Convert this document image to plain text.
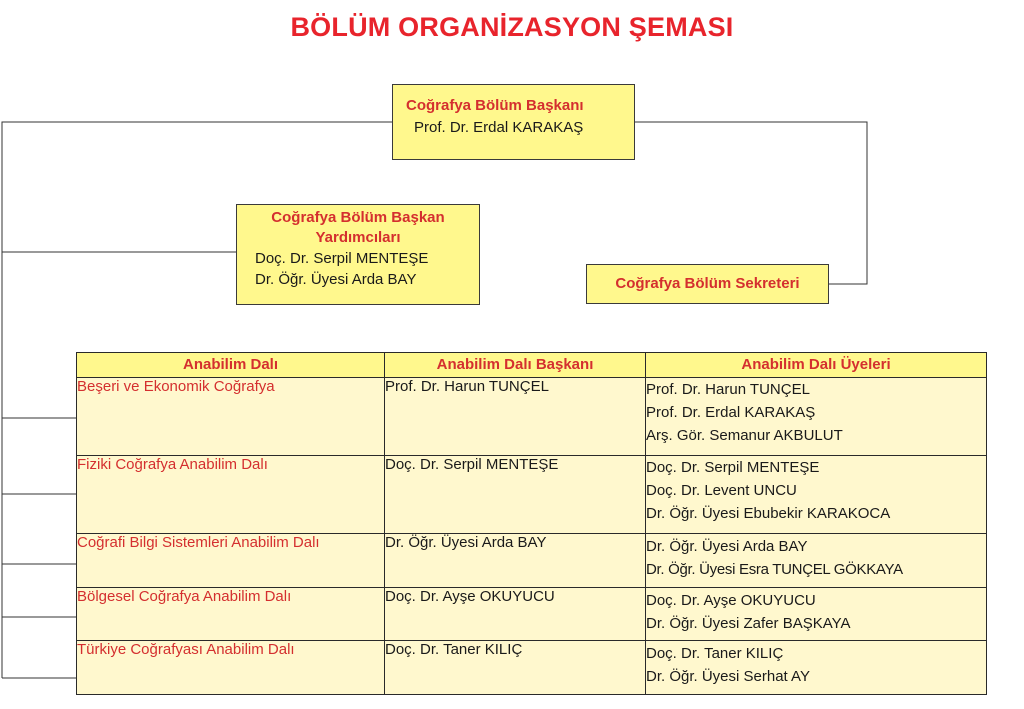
BÖLÜM ORGANİZASYON ŞEMASI
Coğrafya Bölüm Başkanı
Prof. Dr. Erdal KARAKAŞ
Coğrafya Bölüm Başkan
Yardımcıları
Doç. Dr. Serpil MENTEŞE
Dr. Öğr. Üyesi Arda BAY	Coğrafya Bölüm Sekreteri
Anabilim Dalı	Anabilim Dalı Başkanı	Anabilim Dalı Üyeleri
Beşeri ve Ekonomik Coğrafya	Prof. Dr. Harun TUNÇEL	Prof. Dr. Harun TUNÇEL
Prof. Dr. Erdal KARAKAŞ
Arş. Gör. Semanur AKBULUT

Fiziki Coğrafya Anabilim Dalı	Doç. Dr. Serpil MENTEŞE	Doç. Dr. Serpil MENTEŞE
Doç. Dr. Levent UNCU
Dr. Öğr. Üyesi Ebubekir KARAKOCA

Coğrafi Bilgi Sistemleri Anabilim Dalı	Dr. Öğr. Üyesi Arda BAY	Dr. Öğr. Üyesi Arda BAY
Dr. Öğr. Üyesi Esra TUNÇEL GÖKKAYA

Bölgesel Coğrafya Anabilim Dalı	Doç. Dr. Ayşe OKUYUCU	Doç. Dr. Ayşe OKUYUCU
Dr. Öğr. Üyesi Zafer BAŞKAYA

Türkiye Coğrafyası Anabilim Dalı	Doç. Dr. Taner KILIÇ	Doç. Dr. Taner KILIÇ
Dr. Öğr. Üyesi Serhat AY
